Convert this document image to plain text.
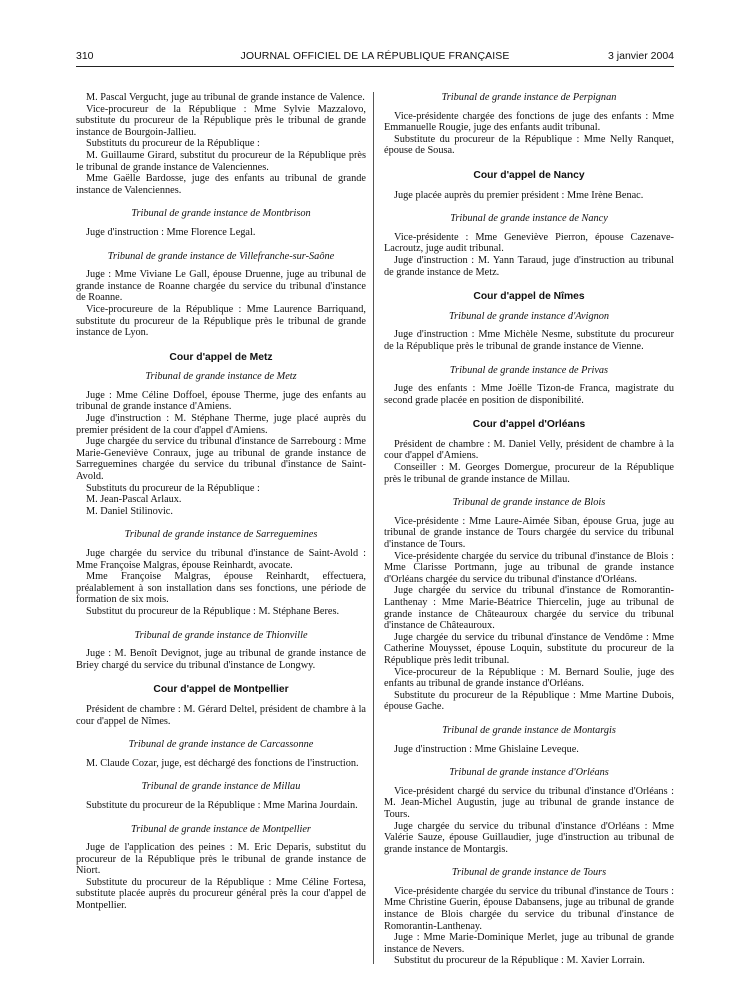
310	JOURNAL OFFICIEL DE LA RÉPUBLIQUE FRANÇAISE	3 janvier 2004

M. Pascal Vergucht, juge au tribunal de grande instance de Valence.

Vice-procureur de la République : Mme Sylvie Mazzalovo, substitute du procureur de la République près le tribunal de grande instance de Bourgoin-Jallieu.

Substituts du procureur de la République :

M. Guillaume Girard, substitut du procureur de la République près le tribunal de grande instance de Valenciennes.

Mme Gaëlle Bardosse, juge des enfants au tribunal de grande instance de Valenciennes.

Tribunal de grande instance de Montbrison

Juge d'instruction : Mme Florence Legal.

Tribunal de grande instance de Villefranche-sur-Saône

Juge : Mme Viviane Le Gall, épouse Druenne, juge au tribunal de grande instance de Roanne chargée du service du tribunal d'instance de Roanne.

Vice-procureure de la République : Mme Laurence Barriquand, substitute du procureur de la République près le tribunal de grande instance de Lyon.

Cour d'appel de Metz
Tribunal de grande instance de Metz

Juge : Mme Céline Doffoel, épouse Therme, juge des enfants au tribunal de grande instance d'Amiens.

Juge d'instruction : M. Stéphane Therme, juge placé auprès du premier président de la cour d'appel d'Amiens.

Juge chargée du service du tribunal d'instance de Sarrebourg : Mme Marie-Geneviève Conraux, juge au tribunal de grande instance de Sarreguemines chargée du service du tribunal d'instance de Saint-Avold.

Substituts du procureur de la République :

M. Jean-Pascal Arlaux.

M. Daniel Stilinovic.

Tribunal de grande instance de Sarreguemines

Juge chargée du service du tribunal d'instance de Saint-Avold : Mme Françoise Malgras, épouse Reinhardt, avocate.

Mme Françoise Malgras, épouse Reinhardt, effectuera, préalablement à son installation dans ses fonctions, une période de formation de six mois.

Substitut du procureur de la République : M. Stéphane Beres.

Tribunal de grande instance de Thionville

Juge : M. Benoît Devignot, juge au tribunal de grande instance de Briey chargé du service du tribunal d'instance de Longwy.

Cour d'appel de Montpellier

Président de chambre : M. Gérard Deltel, président de chambre à la cour d'appel de Nîmes.

Tribunal de grande instance de Carcassonne

M. Claude Cozar, juge, est déchargé des fonctions de l'instruction.

Tribunal de grande instance de Millau

Substitute du procureur de la République : Mme Marina Jourdain.

Tribunal de grande instance de Montpellier

Juge de l'application des peines : M. Eric Deparis, substitut du procureur de la République près le tribunal de grande instance de Niort.

Substitute du procureur de la République : Mme Céline Fortesa, substitute placée auprès du procureur général près la cour d'appel de Montpellier.

Tribunal de grande instance de Perpignan

Vice-présidente chargée des fonctions de juge des enfants : Mme Emmanuelle Rougie, juge des enfants audit tribunal.

Substitute du procureur de la République : Mme Nelly Ranquet, épouse de Sousa.

Cour d'appel de Nancy

Juge placée auprès du premier président : Mme Irène Benac.

Tribunal de grande instance de Nancy

Vice-présidente : Mme Geneviève Pierron, épouse Cazenave-Lacroutz, juge audit tribunal.

Juge d'instruction : M. Yann Taraud, juge d'instruction au tribunal de grande instance de Metz.

Cour d'appel de Nîmes
Tribunal de grande instance d'Avignon

Juge d'instruction : Mme Michèle Nesme, substitute du procureur de la République près le tribunal de grande instance de Vienne.

Tribunal de grande instance de Privas

Juge des enfants : Mme Joëlle Tizon-de Franca, magistrate du second grade placée en position de disponibilité.

Cour d'appel d'Orléans

Président de chambre : M. Daniel Velly, président de chambre à la cour d'appel d'Amiens.

Conseiller : M. Georges Domergue, procureur de la République près le tribunal de grande instance de Millau.

Tribunal de grande instance de Blois

Vice-présidente : Mme Laure-Aimée Siban, épouse Grua, juge au tribunal de grande instance de Tours chargée du service du tribunal d'instance de Tours.

Vice-présidente chargée du service du tribunal d'instance de Blois : Mme Clarisse Portmann, juge au tribunal de grande instance d'Orléans chargée du service du tribunal d'instance d'Orléans.

Juge chargée du service du tribunal d'instance de Romorantin-Lanthenay : Mme Marie-Béatrice Thiercelin, juge au tribunal de grande instance de Châteauroux chargée du service du tribunal d'instance de Châteauroux.

Juge chargée du service du tribunal d'instance de Vendôme : Mme Catherine Mouysset, épouse Loquin, substitute du procureur de la République près ledit tribunal.

Vice-procureur de la République : M. Bernard Soulie, juge des enfants au tribunal de grande instance d'Orléans.

Substitute du procureur de la République : Mme Martine Dubois, épouse Gache.

Tribunal de grande instance de Montargis

Juge d'instruction : Mme Ghislaine Leveque.

Tribunal de grande instance d'Orléans

Vice-président chargé du service du tribunal d'instance d'Orléans : M. Jean-Michel Augustin, juge au tribunal de grande instance de Tours.

Juge chargée du service du tribunal d'instance d'Orléans : Mme Valérie Sauze, épouse Guillaudier, juge d'instruction au tribunal de grande instance de Montargis.

Tribunal de grande instance de Tours

Vice-présidente chargée du service du tribunal d'instance de Tours : Mme Christine Guerin, épouse Dabansens, juge au tribunal de grande instance de Blois chargée du service du tribunal d'instance de Romorantin-Lanthenay.

Juge : Mme Marie-Dominique Merlet, juge au tribunal de grande instance de Nevers.

Substitut du procureur de la République : M. Xavier Lorrain.
